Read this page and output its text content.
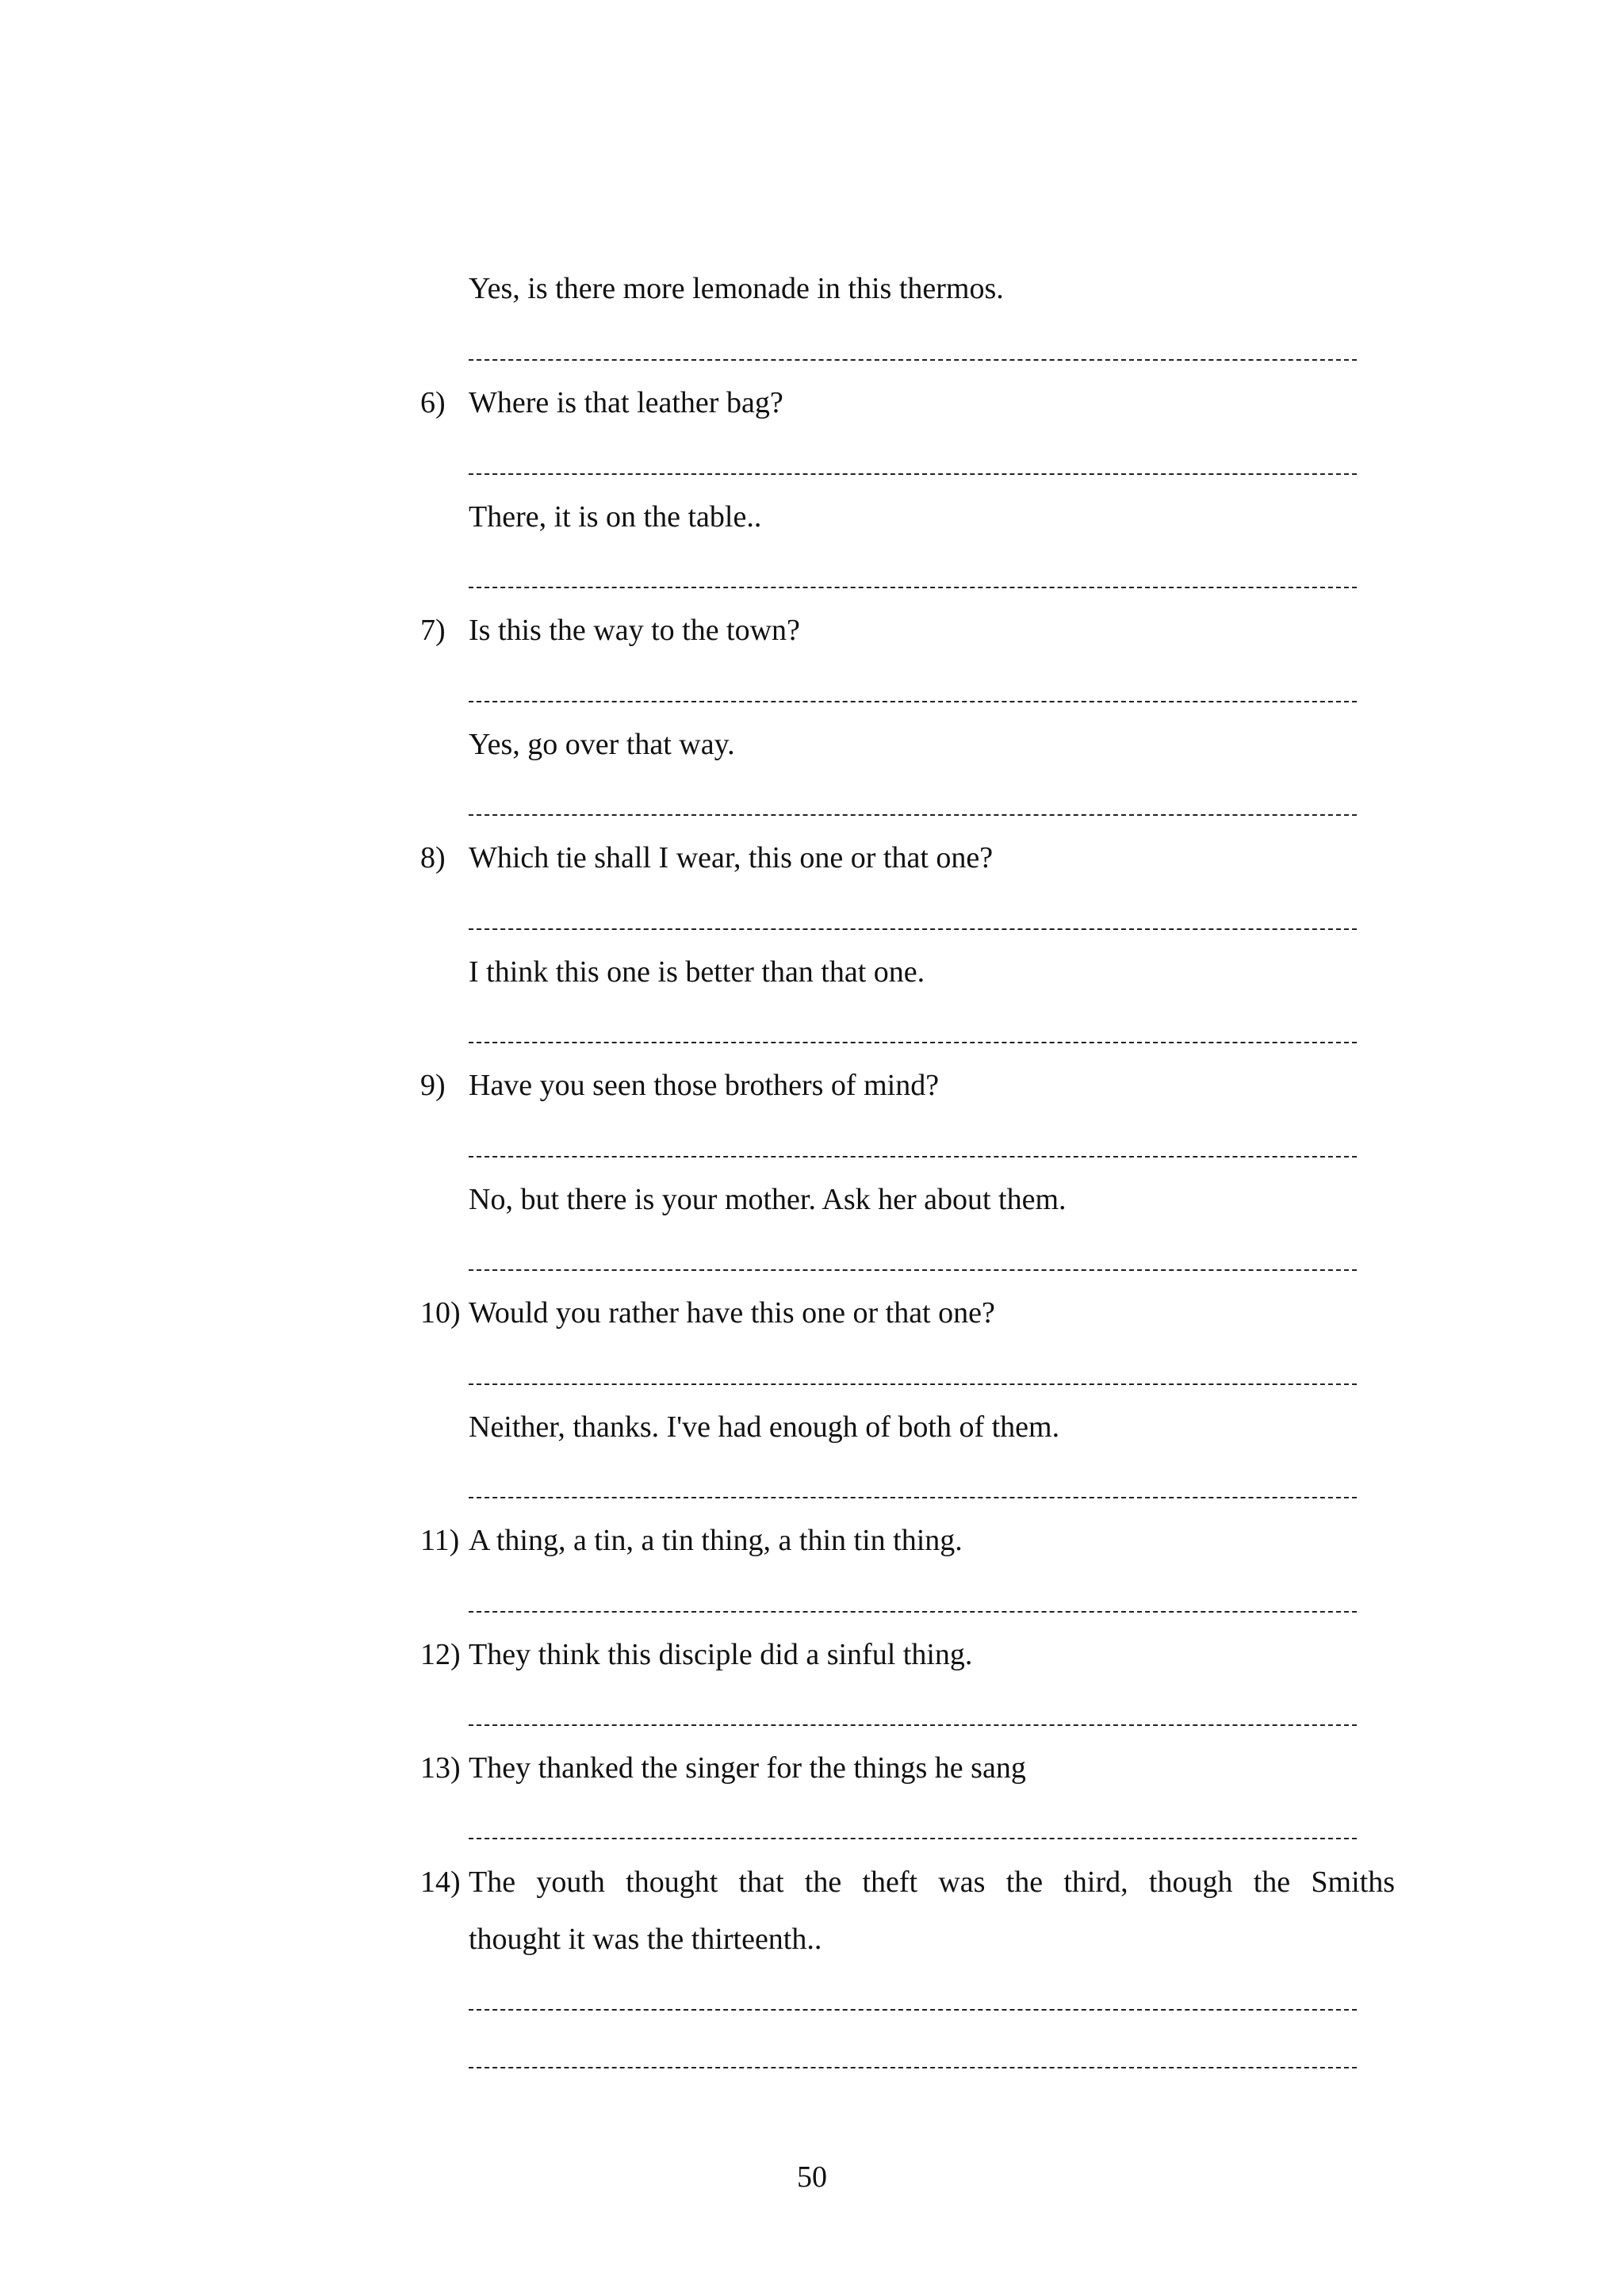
Yes, is there more lemonade in this thermos.
6) Where is that leather bag?
There, it is on the table..
7) Is this the way to the town?
Yes, go over that way.
8) Which tie shall I wear, this one or that one?
I think this one is better than that one.
9) Have you seen those brothers of mind?
No, but there is your mother. Ask her about them.
10) Would you rather have this one or that one?
Neither, thanks. I've had enough of both of them.
11) A thing, a tin, a tin thing, a thin tin thing.
12) They think this disciple did a sinful thing.
13) They thanked the singer for the things he sang
14) The youth thought that the theft was the third, though the Smiths
thought it was the thirteenth..
50
